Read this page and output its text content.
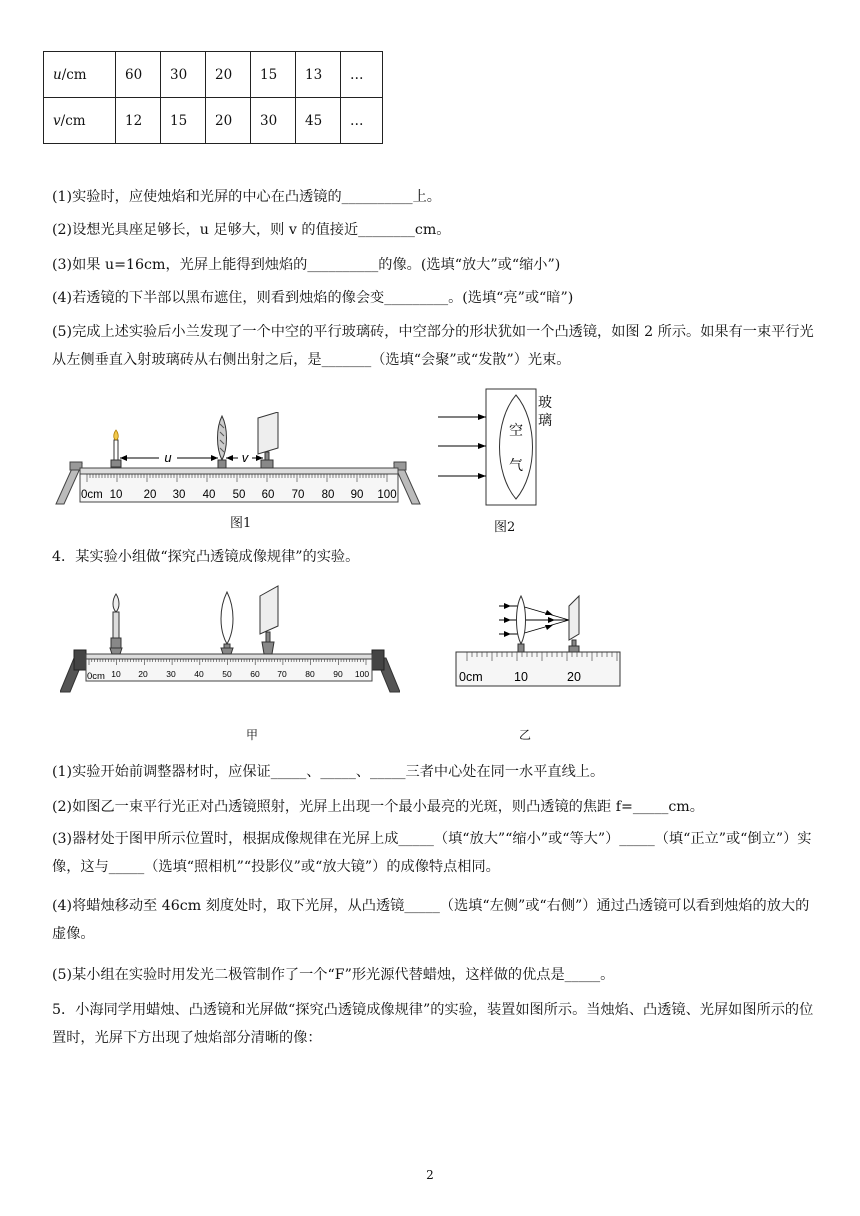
u/cm	60	30	20	15	13	…
v/cm	12	15	20	30	45	…
(1)实验时，应使烛焰和光屏的中心在凸透镜的__________上。
(2)设想光具座足够长，u 足够大，则 v 的值接近________cm。
(3)如果 u=16cm，光屏上能得到烛焰的__________的像。(选填“放大”或“缩小”)
(4)若透镜的下半部以黑布遮住，则看到烛焰的像会变_________。(选填“亮”或“暗”)
(5)完成上述实验后小兰发现了一个中空的平行玻璃砖，中空部分的形状犹如一个凸透镜，如图 2 所示。如果有一束平行光从左侧垂直入射玻璃砖从右侧出射之后，是_______（选填“会聚”或“发散”）光束。
u	v
0cm 10 20 30 40 50 60 70 80 90 100
图1
玻
璃
空
气
图2
4．某实验小组做“探究凸透镜成像规律”的实验。
0cm 10 20 30 40 50 60 70 80 90 100
甲
0cm	10	20
乙
(1)实验开始前调整器材时，应保证_____、_____、_____三者中心处在同一水平直线上。
(2)如图乙一束平行光正对凸透镜照射，光屏上出现一个最小最亮的光斑，则凸透镜的焦距 f=_____cm。
(3)器材处于图甲所示位置时，根据成像规律在光屏上成_____（填“放大”“缩小”或“等大”）_____（填“正立”或“倒立”）实像，这与_____（选填“照相机”“投影仪”或“放大镜”）的成像特点相同。
(4)将蜡烛移动至 46cm 刻度处时，取下光屏，从凸透镜_____（选填“左侧”或“右侧”）通过凸透镜可以看到烛焰的放大的虚像。
(5)某小组在实验时用发光二极管制作了一个“F”形光源代替蜡烛，这样做的优点是_____。
5．小海同学用蜡烛、凸透镜和光屏做“探究凸透镜成像规律”的实验，装置如图所示。当烛焰、凸透镜、光屏如图所示的位置时，光屏下方出现了烛焰部分清晰的像：
2
